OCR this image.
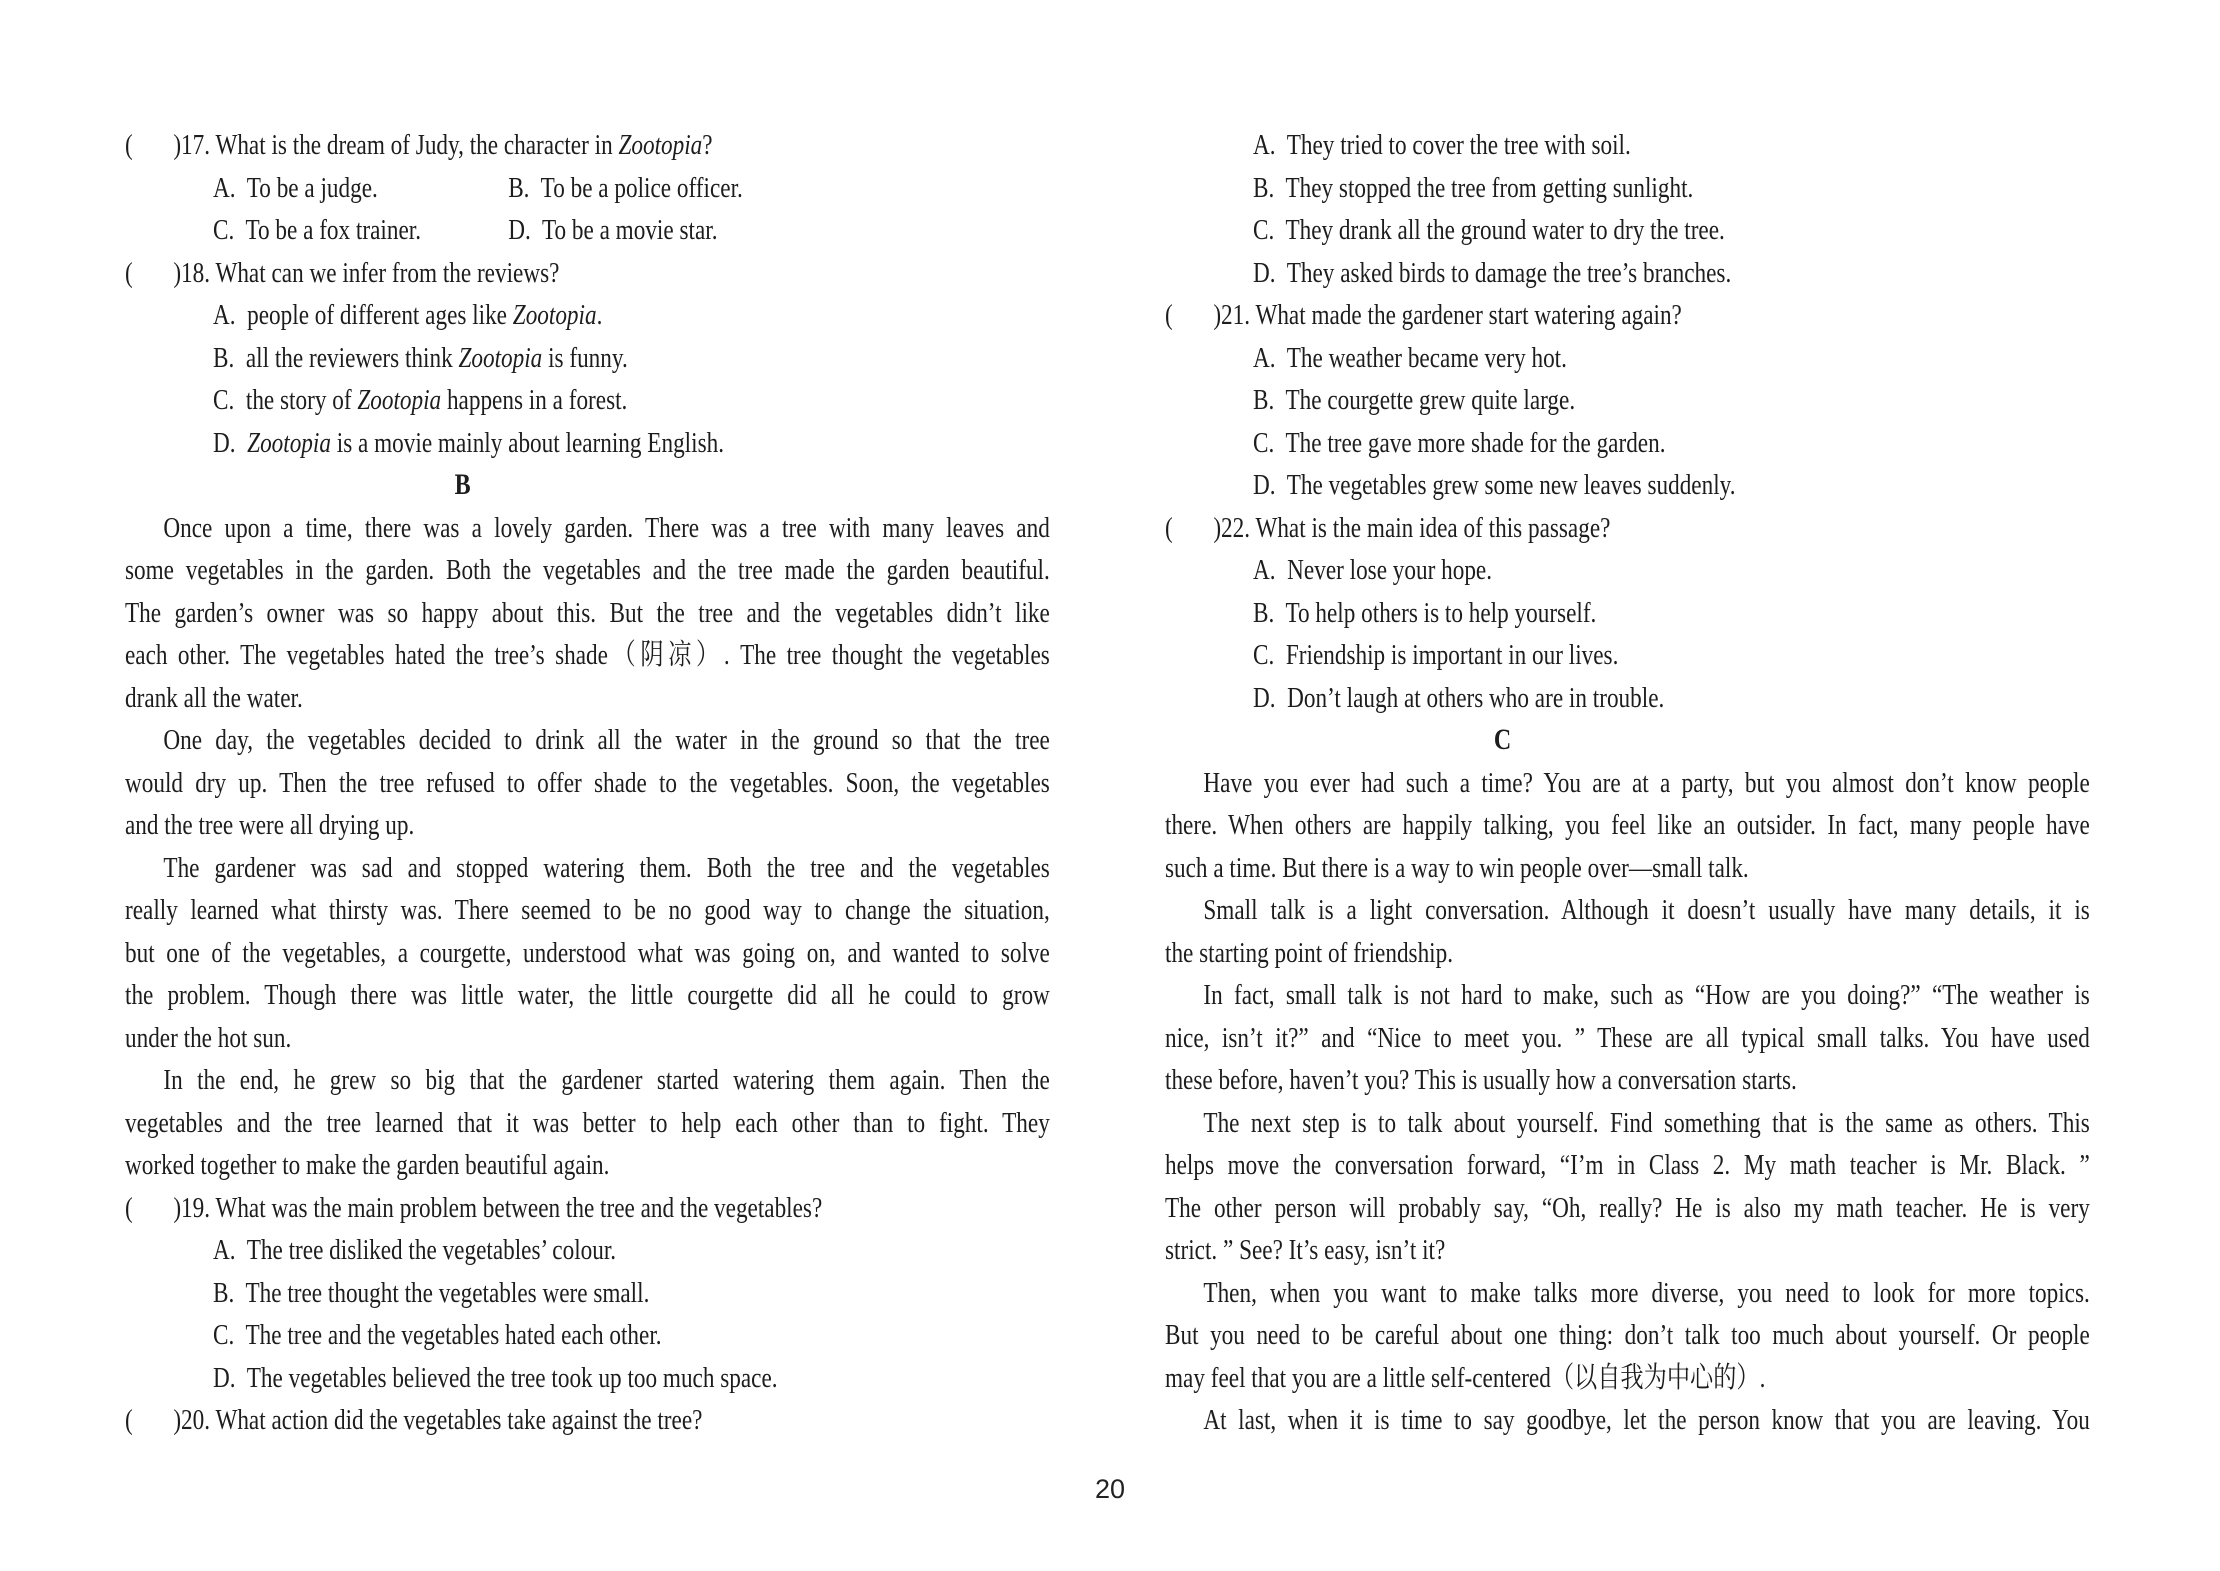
(       )17. What is the dream of Judy, the character in Zootopia?
A.  To be a judge.	B.  To be a police officer.
C.  To be a fox trainer.	D.  To be a movie star.
(       )18. What can we infer from the reviews?
A.  people of different ages like Zootopia.
B.  all the reviewers think Zootopia is funny.
C.  the story of Zootopia happens in a forest.
D.  Zootopia is a movie mainly about learning English.
B
Once upon a time, there was a lovely garden. There was a tree with many leaves and
some vegetables in the garden. Both the vegetables and the tree made the garden beautiful.
The garden’s owner was so happy about this. But the tree and the vegetables didn’t like
each other. The vegetables hated the tree’s shade（阴凉）. The tree thought the vegetables
drank all the water.
One day, the vegetables decided to drink all the water in the ground so that the tree
would dry up. Then the tree refused to offer shade to the vegetables. Soon, the vegetables
and the tree were all drying up.
The gardener was sad and stopped watering them. Both the tree and the vegetables
really learned what thirsty was. There seemed to be no good way to change the situation,
but one of the vegetables, a courgette, understood what was going on, and wanted to solve
the problem. Though there was little water, the little courgette did all he could to grow
under the hot sun.
In the end, he grew so big that the gardener started watering them again. Then the
vegetables and the tree learned that it was better to help each other than to fight. They
worked together to make the garden beautiful again.
(       )19. What was the main problem between the tree and the vegetables?
A.  The tree disliked the vegetables’ colour.
B.  The tree thought the vegetables were small.
C.  The tree and the vegetables hated each other.
D.  The vegetables believed the tree took up too much space.
(       )20. What action did the vegetables take against the tree?
A.  They tried to cover the tree with soil.
B.  They stopped the tree from getting sunlight.
C.  They drank all the ground water to dry the tree.
D.  They asked birds to damage the tree’s branches.
(       )21. What made the gardener start watering again?
A.  The weather became very hot.
B.  The courgette grew quite large.
C.  The tree gave more shade for the garden.
D.  The vegetables grew some new leaves suddenly.
(       )22. What is the main idea of this passage?
A.  Never lose your hope.
B.  To help others is to help yourself.
C.  Friendship is important in our lives.
D.  Don’t laugh at others who are in trouble.
C
Have you ever had such a time? You are at a party, but you almost don’t know people
there. When others are happily talking, you feel like an outsider. In fact, many people have
such a time. But there is a way to win people over—small talk.
Small talk is a light conversation. Although it doesn’t usually have many details, it is
the starting point of friendship.
In fact, small talk is not hard to make, such as “How are you doing?” “The weather is
nice, isn’t it?” and “Nice to meet you. ” These are all typical small talks. You have used
these before, haven’t you? This is usually how a conversation starts.
The next step is to talk about yourself. Find something that is the same as others. This
helps move the conversation forward, “I’m in Class 2. My math teacher is Mr. Black. ”
The other person will probably say, “Oh, really? He is also my math teacher. He is very
strict. ” See? It’s easy, isn’t it?
Then, when you want to make talks more diverse, you need to look for more topics.
But you need to be careful about one thing: don’t talk too much about yourself. Or people
may feel that you are a little self-centered（以自我为中心的）.
At last, when it is time to say goodbye, let the person know that you are leaving. You
20
